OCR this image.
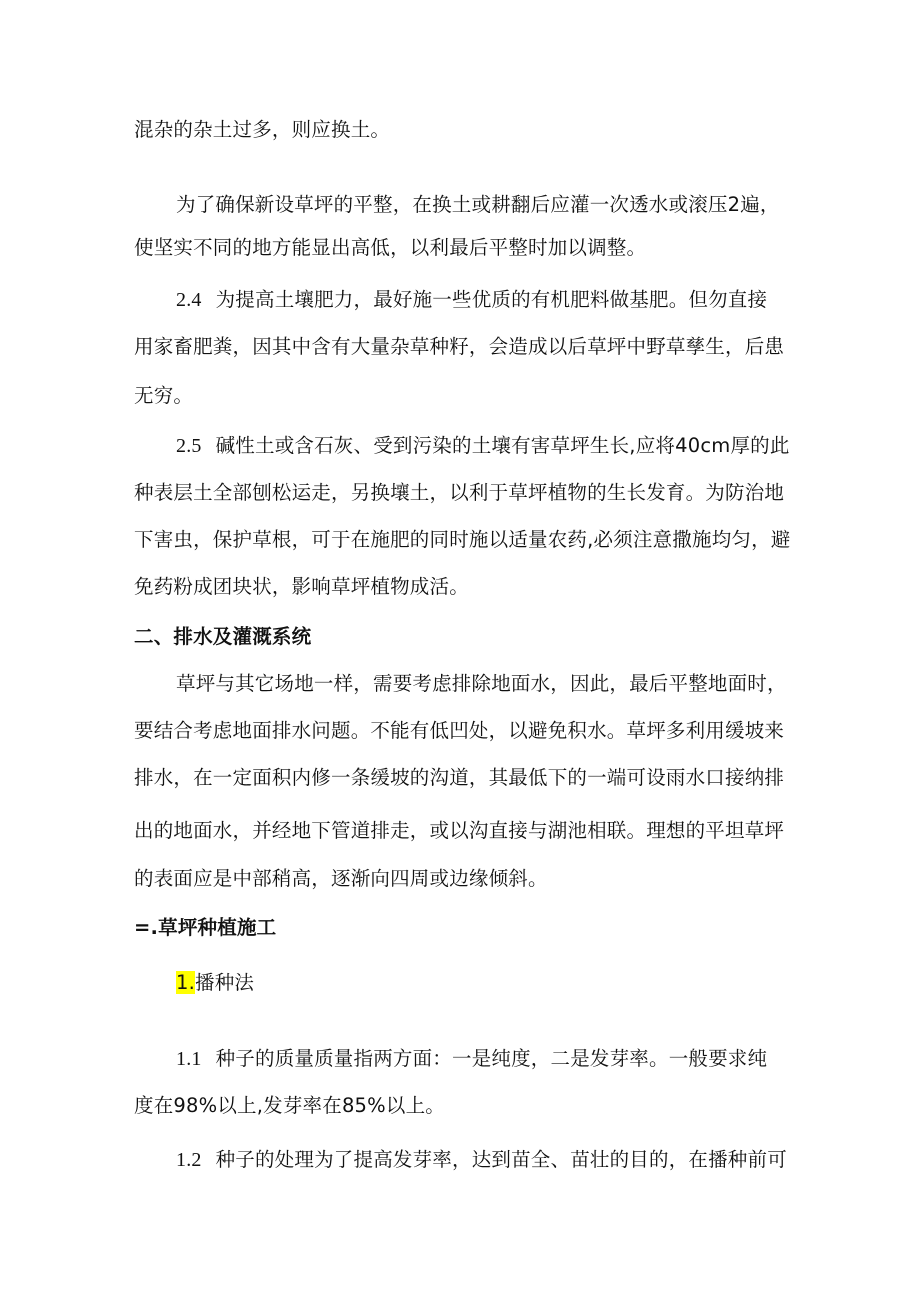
混杂的杂土过多，则应换土。
为了确保新设草坪的平整，在换土或耕翻后应灌一次透水或滚压2遍，
使坚实不同的地方能显出高低，以利最后平整时加以调整。
2.4 为提高土壤肥力，最好施一些优质的有机肥料做基肥。但勿直接
用家畜肥粪，因其中含有大量杂草种籽，会造成以后草坪中野草孳生，后患
无穷。
2.5 碱性土或含石灰、受到污染的土壤有害草坪生长,应将40cm厚的此
种表层土全部刨松运走，另换壤土，以利于草坪植物的生长发育。为防治地
下害虫，保护草根，可于在施肥的同时施以适量农药,必须注意撒施均匀，避
免药粉成团块状，影响草坪植物成活。
二、排水及灌溉系统
草坪与其它场地一样，需要考虑排除地面水，因此，最后平整地面时，
要结合考虑地面排水问题。不能有低凹处，以避免积水。草坪多利用缓坡来
排水，在一定面积内修一条缓坡的沟道，其最低下的一端可设雨水口接纳排
出的地面水，并经地下管道排走，或以沟直接与湖池相联。理想的平坦草坪
的表面应是中部稍高，逐渐向四周或边缘倾斜。
=.草坪种植施工
1.播种法
1.1 种子的质量质量指两方面：一是纯度，二是发芽率。一般要求纯
度在98%以上,发芽率在85%以上。
1.2 种子的处理为了提高发芽率，达到苗全、苗壮的目的，在播种前可
